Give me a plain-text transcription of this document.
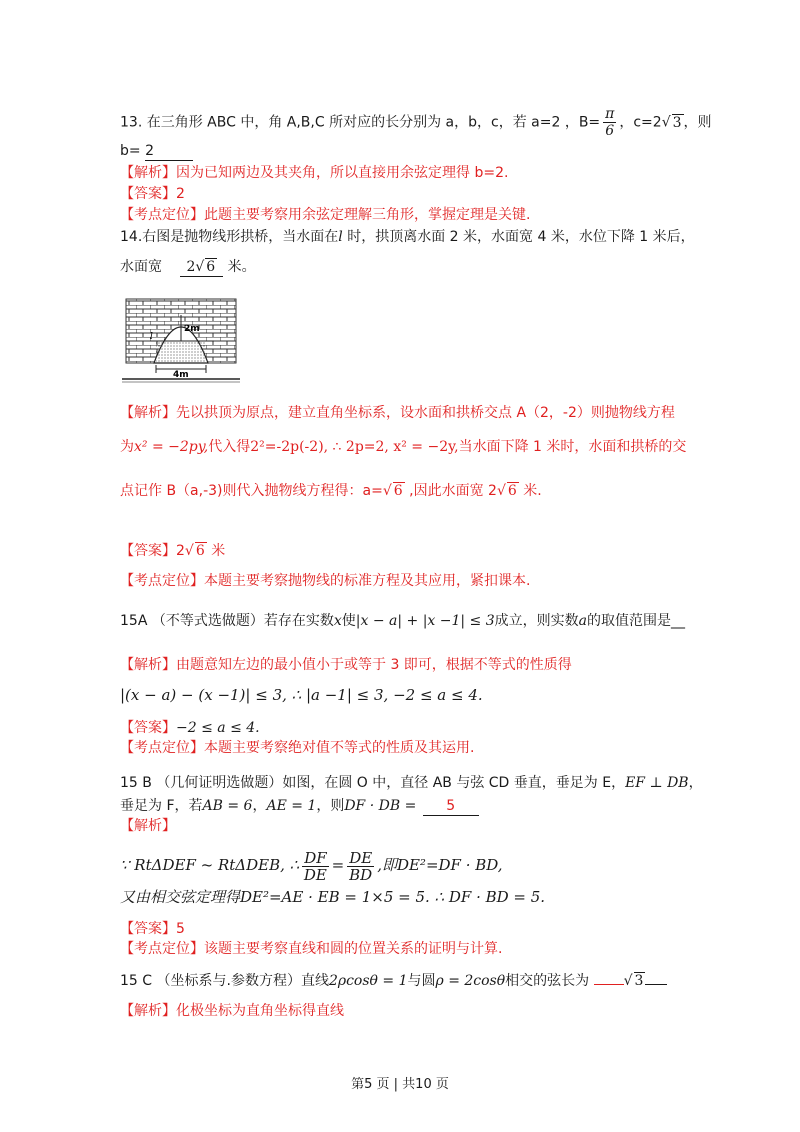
13. 在三角形 ABC 中，角 A,B,C 所对应的长分别为 a，b，c，若 a=2 ，$B= \frac{\pi}{6}$ ，c=2√ 3 ，则
b= 2
【解析】因为已知两边及其夹角，所以直接用余弦定理得 b=2.
【答案】2
【考点定位】此题主要考察用余弦定理解三角形，掌握定理是关键.
14.右图是抛物线形拱桥，当水面在l 时，拱顶离水面 2 米，水面宽 4 米，水位下降 1 米后，
水面宽 2√ 6 米。
2m
l
4m
【解析】先以拱顶为原点，建立直角坐标系，设水面和拱桥交点 A（2，-2）则抛物线方程
为x² = −2py,代入得2²=-2p(-2), ∴ 2p=2, x² = −2y,当水面下降 1 米时，水面和拱桥的交
点记作 B（a,-3)则代入抛物线方程得：a=√ 6 ,因此水面宽 2√ 6 米.
【答案】2√ 6 米
【考点定位】本题主要考察抛物线的标准方程及其应用，紧扣课本.
15A （不等式选做题）若存在实数x使|x − a| + |x −1| ≤ 3成立，则实数a的取值范围是__
【解析】由题意知左边的最小值小于或等于 3 即可，根据不等式的性质得
|(x − a) − (x −1)| ≤ 3, ∴ |a −1| ≤ 3, −2 ≤ a ≤ 4.
【答案】−2 ≤ a ≤ 4.
【考点定位】本题主要考察绝对值不等式的性质及其运用.
15 B （几何证明选做题）如图，在圆 O 中，直径 AB 与弦 CD 垂直，垂足为 E，EF ⊥ DB，
垂足为 F，若AB = 6，AE = 1，则DF · DB = 5
【解析】
∵ RtΔDEF ~ RtΔDEB, ∴ $\frac{DF}{DE} = \frac{DE}{BD}$ ,即DE²=DF · BD,
又由相交弦定理得DE²=AE · EB = 1×5 = 5. ∴ DF · BD = 5.
【答案】5
【考点定位】该题主要考察直线和圆的位置关系的证明与计算.
15 C （坐标系与.参数方程）直线2ρcosθ = 1与圆ρ = 2cosθ相交的弦长为 √ 3
【解析】化极坐标为直角坐标得直线
第5 页 | 共10 页
